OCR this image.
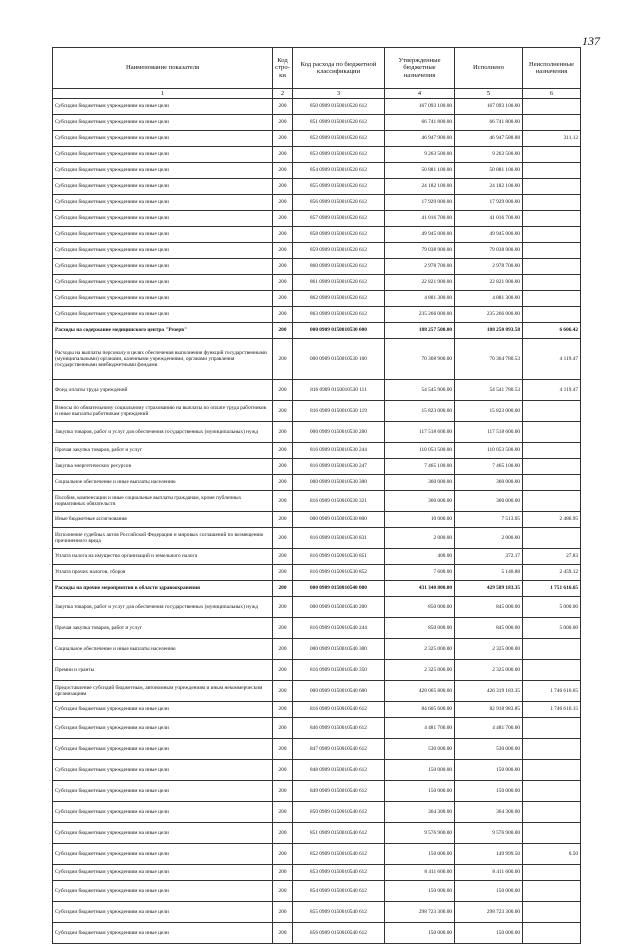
137
Наименование показателя	Код стро-ки	Код расхода по бюджетной классификации	Утвержденные бюджетные назначения	Исполнено	Неисполненные назначения
1	2	3	4	5	6
Субсидии бюджетным учреждениям на иные цели	200	850 0909 0150010520 612	167 093 100.00	167 093 100.00	
Субсидии бюджетным учреждениям на иные цели	200	851 0909 0150010520 612	66 741 800.00	66 741 800.00	
Субсидии бюджетным учреждениям на иные цели	200	852 0909 0150010520 612	46 947 900.00	46 947 588.88	311.12
Субсидии бюджетным учреждениям на иные цели	200	853 0909 0150010520 612	9 263 500.00	9 263 500.00	
Субсидии бюджетным учреждениям на иные цели	200	854 0909 0150010520 612	50 881 100.00	50 881 100.00	
Субсидии бюджетным учреждениям на иные цели	200	855 0909 0150010520 612	24 182 100.00	24 182 100.00	
Субсидии бюджетным учреждениям на иные цели	200	856 0909 0150010520 612	17 929 000.00	17 929 000.00	
Субсидии бюджетным учреждениям на иные цели	200	857 0909 0150010520 612	41 016 700.00	41 016 700.00	
Субсидии бюджетным учреждениям на иные цели	200	858 0909 0150010520 612	49 945 000.00	49 945 000.00	
Субсидии бюджетным учреждениям на иные цели	200	859 0909 0150010520 612	79 038 900.00	79 038 900.00	
Субсидии бюджетным учреждениям на иные цели	200	860 0909 0150010520 612	2 978 700.00	2 978 700.00	
Субсидии бюджетным учреждениям на иные цели	200	861 0909 0150010520 612	22 821 900.00	22 821 900.00	
Субсидии бюджетным учреждениям на иные цели	200	862 0909 0150010520 612	4 881 300.00	4 881 300.00	
Субсидии бюджетным учреждениям на иные цели	200	863 0909 0150010520 612	235 266 000.00	235 266 000.00	
Расходы на содержание медицинского центра "Резерв"	200	000 0909 0150010530 000	188 257 500.00	188 250 893.58	6 606.42
Расходы на выплаты персоналу в целях обеспечения выполнения функций государственными (муниципальными) органами, казенными учреждениями, органами управления государственными внебюджетными фондами	200	000 0909 0150010530 100	70 368 900.00	70 364 780.53	4 119.47
Фонд оплаты труда учреждений	200	816 0909 0150010530 111	54 545 900.00	54 541 780.53	4 119.47
Взносы по обязательному социальному страхованию на выплаты по оплате труда работников и иные выплаты работникам учреждений	200	816 0909 0150010530 119	15 823 000.00	15 823 000.00	
Закупка товаров, работ и услуг для обеспечения государственных (муниципальных) нужд	200	000 0909 0150010530 200	117 518 600.00	117 518 600.00	
Прочая закупка товаров, работ и услуг	200	816 0909 0150010530 244	110 053 500.00	110 053 500.00	
Закупка энергетических ресурсов	200	816 0909 0150010530 247	7 465 100.00	7 465 100.00	
Социальное обеспечение и иные выплаты населению	200	000 0909 0150010530 300	360 000.00	360 000.00	
Пособия, компенсации и иные социальные выплаты гражданам, кроме публичных нормативных обязательств	200	816 0909 0150010530 321	360 000.00	360 000.00	
Иные бюджетные ассигнования	200	000 0909 0150010530 800	10 000.00	7 513.05	2 486.95
Исполнение судебных актов Российской Федерации и мировых соглашений по возмещению причиненного вреда	200	816 0909 0150010530 831	2 000.00	2 000.00	
Уплата налога на имущество организаций и земельного налога	200	816 0909 0150010530 851	400.00	372.17	27.83
Уплата прочих налогов, сборов	200	816 0909 0150010530 852	7 600.00	5 140.88	2 459.12
Расходы на прочие мероприятия в области здравоохранения	200	000 0909 0150010540 000	431 340 800.00	429 589 183.35	1 751 616.65
Закупка товаров, работ и услуг для обеспечения государственных (муниципальных) нужд	200	000 0909 0150010540 200	850 000.00	845 000.00	5 000.00
Прочая закупка товаров, работ и услуг	200	816 0909 0150010540 244	850 000.00	845 000.00	5 000.00
Социальное обеспечение и иные выплаты населению	200	000 0909 0150010540 300	2 325 000.00	2 325 000.00	
Премии и гранты	200	816 0909 0150010540 350	2 325 000.00	2 325 000.00	
Предоставление субсидий бюджетным, автономным учреждениям и иным некоммерческим организациям	200	000 0909 0150010540 600	428 065 800.00	426 319 183.35	1 746 616.65
Субсидии бюджетным учреждениям на иные цели	200	816 0909 0150010540 612	84 605 600.00	82 918 983.85	1 746 616.15
Субсидии бюджетным учреждениям на иные цели	200	846 0909 0150010540 612	4 481 700.00	4 481 700.00	
Субсидии бюджетным учреждениям на иные цели	200	847 0909 0150010540 612	530 000.00	530 000.00	
Субсидии бюджетным учреждениям на иные цели	200	848 0909 0150010540 612	150 000.00	150 000.00	
Субсидии бюджетным учреждениям на иные цели	200	849 0909 0150010540 612	150 000.00	150 000.00	
Субсидии бюджетным учреждениям на иные цели	200	850 0909 0150010540 612	364 300.00	364 300.00	
Субсидии бюджетным учреждениям на иные цели	200	851 0909 0150010540 612	9 576 900.00	9 576 900.00	
Субсидии бюджетным учреждениям на иные цели	200	852 0909 0150010540 612	150 000.00	149 999.50	0.50
Субсидии бюджетным учреждениям на иные цели	200	853 0909 0150010540 612	8 411 600.00	8 411 600.00	
Субсидии бюджетным учреждениям на иные цели	200	854 0909 0150010540 612	150 000.00	150 000.00	
Субсидии бюджетным учреждениям на иные цели	200	855 0909 0150010540 612	298 723 300.00	298 723 300.00	
Субсидии бюджетным учреждениям на иные цели	200	856 0909 0150010540 612	150 000.00	150 000.00	
